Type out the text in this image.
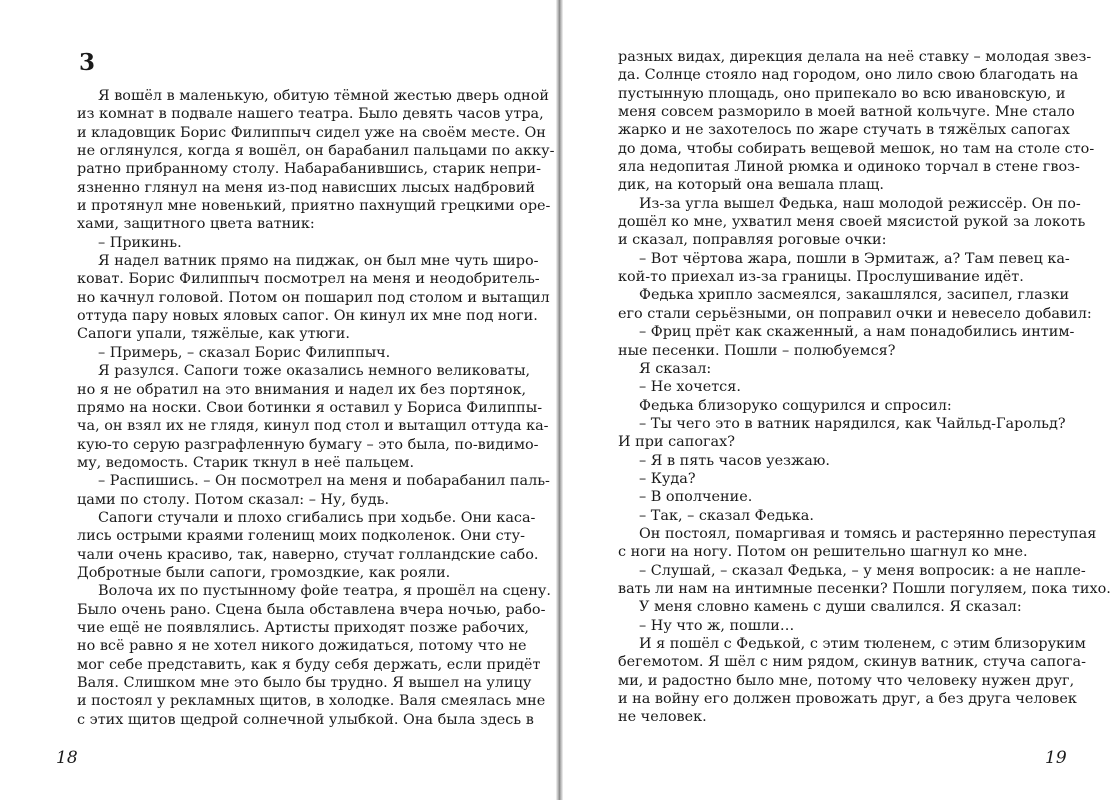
3
Я вошёл в маленькую, обитую тёмной жестью дверь одной
из комнат в подвале нашего театра. Было девять часов утра,
и кладовщик Борис Филиппыч сидел уже на своём месте. Он
не оглянулся, когда я вошёл, он барабанил пальцами по акку-
ратно прибранному столу. Набарабанившись, старик непри-
язненно глянул на меня из-под нависших лысых надбровий
и протянул мне новенький, приятно пахнущий грецкими оре-
хами, защитного цвета ватник:
– Прикинь.
Я надел ватник прямо на пиджак, он был мне чуть широ-
коват. Борис Филиппыч посмотрел на меня и неодобритель-
но качнул головой. Потом он пошарил под столом и вытащил
оттуда пару новых яловых сапог. Он кинул их мне под ноги.
Сапоги упали, тяжёлые, как утюги.
– Примерь, – сказал Борис Филиппыч.
Я разулся. Сапоги тоже оказались немного великоваты,
но я не обратил на это внимания и надел их без портянок,
прямо на носки. Свои ботинки я оставил у Бориса Филиппы-
ча, он взял их не глядя, кинул под стол и вытащил оттуда ка-
кую-то серую разграфленную бумагу – это была, по-видимо-
му, ведомость. Старик ткнул в неё пальцем.
– Распишись. – Он посмотрел на меня и побарабанил паль-
цами по столу. Потом сказал: – Ну, будь.
Сапоги стучали и плохо сгибались при ходьбе. Они каса-
лись острыми краями голенищ моих подколенок. Они сту-
чали очень красиво, так, наверно, стучат голландские сабо.
Добротные были сапоги, громоздкие, как рояли.
Волоча их по пустынному фойе театра, я прошёл на сцену.
Было очень рано. Сцена была обставлена вчера ночью, рабо-
чие ещё не появлялись. Артисты приходят позже рабочих,
но всё равно я не хотел никого дожидаться, потому что не
мог себе представить, как я буду себя держать, если придёт
Валя. Слишком мне это было бы трудно. Я вышел на улицу
и постоял у рекламных щитов, в холодке. Валя смеялась мне
с этих щитов щедрой солнечной улыбкой. Она была здесь в
18
разных видах, дирекция делала на неё ставку – молодая звез-
да. Солнце стояло над городом, оно лило свою благодать на
пустынную площадь, оно припекало во всю ивановскую, и
меня совсем разморило в моей ватной кольчуге. Мне стало
жарко и не захотелось по жаре стучать в тяжёлых сапогах
до дома, чтобы собирать вещевой мешок, но там на столе сто-
яла недопитая Линой рюмка и одиноко торчал в стене гвоз-
дик, на который она вешала плащ.
Из-за угла вышел Федька, наш молодой режиссёр. Он по-
дошёл ко мне, ухватил меня своей мясистой рукой за локоть
и сказал, поправляя роговые очки:
– Вот чёртова жара, пошли в Эрмитаж, а? Там певец ка-
кой-то приехал из-за границы. Прослушивание идёт.
Федька хрипло засмеялся, закашлялся, засипел, глазки
его стали серьёзными, он поправил очки и невесело добавил:
– Фриц прёт как скаженный, а нам понадобились интим-
ные песенки. Пошли – полюбуемся?
Я сказал:
– Не хочется.
Федька близоруко сощурился и спросил:
– Ты чего это в ватник нарядился, как Чайльд-Гарольд?
И при сапогах?
– Я в пять часов уезжаю.
– Куда?
– В ополчение.
– Так, – сказал Федька.
Он постоял, помаргивая и томясь и растерянно переступая
с ноги на ногу. Потом он решительно шагнул ко мне.
– Слушай, – сказал Федька, – у меня вопросик: а не напле-
вать ли нам на интимные песенки? Пошли погуляем, пока тихо.
У меня словно камень с души свалился. Я сказал:
– Ну что ж, пошли…
И я пошёл с Федькой, с этим тюленем, с этим близоруким
бегемотом. Я шёл с ним рядом, скинув ватник, стуча сапога-
ми, и радостно было мне, потому что человеку нужен друг,
и на войну его должен провожать друг, а без друга человек
не человек.
19
